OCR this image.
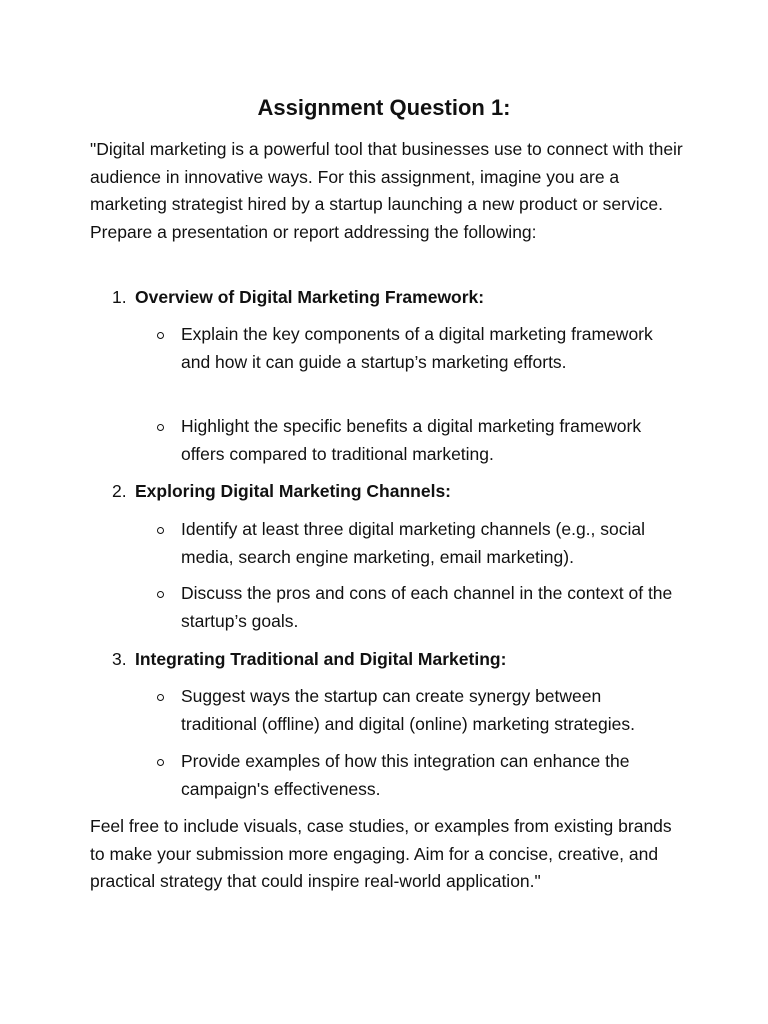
Assignment Question 1:

"Digital marketing is a powerful tool that businesses use to connect with their audience in innovative ways. For this assignment, imagine you are a marketing strategist hired by a startup launching a new product or service. Prepare a presentation or report addressing the following:

1. Overview of Digital Marketing Framework:

Explain the key components of a digital marketing framework and how it can guide a startup’s marketing efforts.

Highlight the specific benefits a digital marketing framework offers compared to traditional marketing.

2. Exploring Digital Marketing Channels:

Identify at least three digital marketing channels (e.g., social media, search engine marketing, email marketing).

Discuss the pros and cons of each channel in the context of the startup’s goals.

3. Integrating Traditional and Digital Marketing:

Suggest ways the startup can create synergy between traditional (offline) and digital (online) marketing strategies.

Provide examples of how this integration can enhance the campaign's effectiveness.

Feel free to include visuals, case studies, or examples from existing brands to make your submission more engaging. Aim for a concise, creative, and practical strategy that could inspire real-world application."
